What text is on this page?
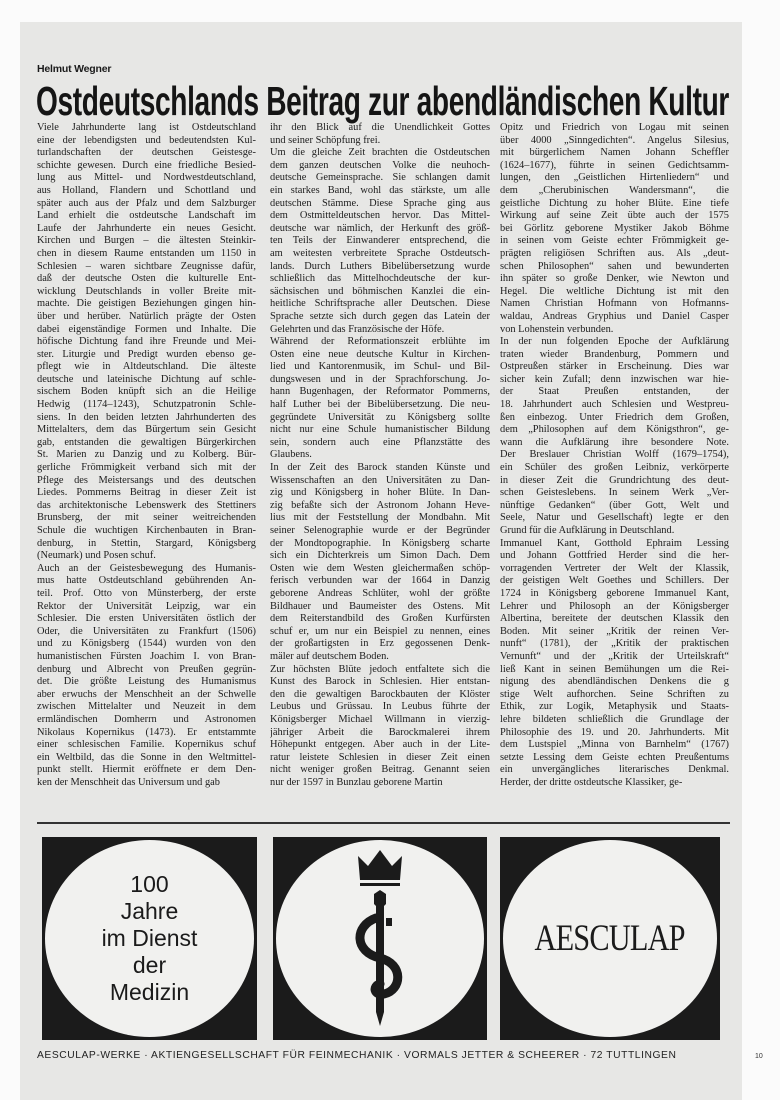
Helmut Wegner
Ostdeutschlands Beitrag zur abendländischen Kultur
Viele Jahrhunderte lang ist Ostdeutschland
eine der lebendigsten und bedeutendsten Kul-
turlandschaften der deutschen Geistesge-
schichte gewesen. Durch eine friedliche Besied-
lung aus Mittel- und Nordwestdeutschland,
aus Holland, Flandern und Schottland und
später auch aus der Pfalz und dem Salzburger
Land erhielt die ostdeutsche Landschaft im
Laufe der Jahrhunderte ein neues Gesicht.
Kirchen und Burgen – die ältesten Steinkir-
chen in diesem Raume entstanden um 1150 in
Schlesien – waren sichtbare Zeugnisse dafür,
daß der deutsche Osten die kulturelle Ent-
wicklung Deutschlands in voller Breite mit-
machte. Die geistigen Beziehungen gingen hin-
über und herüber. Natürlich prägte der Osten
dabei eigenständige Formen und Inhalte. Die
höfische Dichtung fand ihre Freunde und Mei-
ster. Liturgie und Predigt wurden ebenso ge-
pflegt wie in Altdeutschland. Die älteste
deutsche und lateinische Dichtung auf schle-
sischem Boden knüpft sich an die Heilige
Hedwig (1174–1243), Schutzpatronin Schle-
siens. In den beiden letzten Jahrhunderten des
Mittelalters, dem das Bürgertum sein Gesicht
gab, entstanden die gewaltigen Bürgerkirchen
St. Marien zu Danzig und zu Kolberg. Bür-
gerliche Frömmigkeit verband sich mit der
Pflege des Meistersangs und des deutschen
Liedes. Pommerns Beitrag in dieser Zeit ist
das architektonische Lebenswerk des Stettiners
Brunsberg, der mit seiner weitreichenden
Schule die wuchtigen Kirchenbauten in Bran-
denburg, in Stettin, Stargard, Königsberg
(Neumark) und Posen schuf.
Auch an der Geistesbewegung des Humanis-
mus hatte Ostdeutschland gebührenden An-
teil. Prof. Otto von Münsterberg, der erste
Rektor der Universität Leipzig, war ein
Schlesier. Die ersten Universitäten östlich der
Oder, die Universitäten zu Frankfurt (1506)
und zu Königsberg (1544) wurden von den
humanistischen Fürsten Joachim I. von Bran-
denburg und Albrecht von Preußen gegrün-
det. Die größte Leistung des Humanismus
aber erwuchs der Menschheit an der Schwelle
zwischen Mittelalter und Neuzeit in dem
ermländischen Domherrn und Astronomen
Nikolaus Kopernikus (1473). Er entstammte
einer schlesischen Familie. Kopernikus schuf
ein Weltbild, das die Sonne in den Weltmittel-
punkt stellt. Hiermit eröffnete er dem Den-
ken der Menschheit das Universum und gab
ihr den Blick auf die Unendlichkeit Gottes
und seiner Schöpfung frei.
Um die gleiche Zeit brachten die Ostdeutschen
dem ganzen deutschen Volke die neuhoch-
deutsche Gemeinsprache. Sie schlangen damit
ein starkes Band, wohl das stärkste, um alle
deutschen Stämme. Diese Sprache ging aus
dem Ostmitteldeutschen hervor. Das Mittel-
deutsche war nämlich, der Herkunft des größ-
ten Teils der Einwanderer entsprechend, die
am weitesten verbreitete Sprache Ostdeutsch-
lands. Durch Luthers Bibelübersetzung wurde
schließlich das Mittelhochdeutsche der kur-
sächsischen und böhmischen Kanzlei die ein-
heitliche Schriftsprache aller Deutschen. Diese
Sprache setzte sich durch gegen das Latein der
Gelehrten und das Französische der Höfe.
Während der Reformationszeit erblühte im
Osten eine neue deutsche Kultur in Kirchen-
lied und Kantorenmusik, im Schul- und Bil-
dungswesen und in der Sprachforschung. Jo-
hann Bugenhagen, der Reformator Pommerns,
half Luther bei der Bibelübersetzung. Die neu-
gegründete Universität zu Königsberg sollte
nicht nur eine Schule humanistischer Bildung
sein, sondern auch eine Pflanzstätte des
Glaubens.
In der Zeit des Barock standen Künste und
Wissenschaften an den Universitäten zu Dan-
zig und Königsberg in hoher Blüte. In Dan-
zig befaßte sich der Astronom Johann Heve-
lius mit der Feststellung der Mondbahn. Mit
seiner Selenographie wurde er der Begründer
der Mondtopographie. In Königsberg scharte
sich ein Dichterkreis um Simon Dach. Dem
Osten wie dem Westen gleichermaßen schöp-
ferisch verbunden war der 1664 in Danzig
geborene Andreas Schlüter, wohl der größte
Bildhauer und Baumeister des Ostens. Mit
dem Reiterstandbild des Großen Kurfürsten
schuf er, um nur ein Beispiel zu nennen, eines
der großartigsten in Erz gegossenen Denk-
mäler auf deutschem Boden.
Zur höchsten Blüte jedoch entfaltete sich die
Kunst des Barock in Schlesien. Hier entstan-
den die gewaltigen Barockbauten der Klöster
Leubus und Grüssau. In Leubus führte der
Königsberger Michael Willmann in vierzig-
jähriger Arbeit die Barockmalerei ihrem
Höhepunkt entgegen. Aber auch in der Lite-
ratur leistete Schlesien in dieser Zeit einen
nicht weniger großen Beitrag. Genannt seien
nur der 1597 in Bunzlau geborene Martin
Opitz und Friedrich von Logau mit seinen
über 4000 „Sinngedichten“. Angelus Silesius,
mit bürgerlichem Namen Johann Scheffler
(1624–1677), führte in seinen Gedichtsamm-
lungen, den „Geistlichen Hirtenliedern“ und
dem „Cherubinischen Wandersmann“, die
geistliche Dichtung zu hoher Blüte. Eine tiefe
Wirkung auf seine Zeit übte auch der 1575
bei Görlitz geborene Mystiker Jakob Böhme
in seinen vom Geiste echter Frömmigkeit ge-
prägten religiösen Schriften aus. Als „deut-
schen Philosophen“ sahen und bewunderten
ihn später so große Denker, wie Newton und
Hegel. Die weltliche Dichtung ist mit den
Namen Christian Hofmann von Hofmanns-
waldau, Andreas Gryphius und Daniel Casper
von Lohenstein verbunden.
In der nun folgenden Epoche der Aufklärung
traten wieder Brandenburg, Pommern und
Ostpreußen stärker in Erscheinung. Dies war
sicher kein Zufall; denn inzwischen war hie-
der Staat Preußen entstanden, der
18. Jahrhundert auch Schlesien und Westpreu-
ßen einbezog. Unter Friedrich dem Großen,
dem „Philosophen auf dem Königsthron“, ge-
wann die Aufklärung ihre besondere Note.
Der Breslauer Christian Wolff (1679–1754),
ein Schüler des großen Leibniz, verkörperte
in dieser Zeit die Grundrichtung des deut-
schen Geisteslebens. In seinem Werk „Ver-
nünftige Gedanken“ (über Gott, Welt und
Seele, Natur und Gesellschaft) legte er den
Grund für die Aufklärung in Deutschland.
Immanuel Kant, Gotthold Ephraim Lessing
und Johann Gottfried Herder sind die her-
vorragenden Vertreter der Welt der Klassik,
der geistigen Welt Goethes und Schillers. Der
1724 in Königsberg geborene Immanuel Kant,
Lehrer und Philosoph an der Königsberger
Albertina, bereitete der deutschen Klassik den
Boden. Mit seiner „Kritik der reinen Ver-
nunft“ (1781), der „Kritik der praktischen
Vernunft“ und der „Kritik der Urteilskraft“
ließ Kant in seinen Bemühungen um die Rei-
nigung des abendländischen Denkens die g
stige Welt aufhorchen. Seine Schriften zu
Ethik, zur Logik, Metaphysik und Staats-
lehre bildeten schließlich die Grundlage der
Philosophie des 19. und 20. Jahrhunderts. Mit
dem Lustspiel „Minna von Barnhelm“ (1767)
setzte Lessing dem Geiste echten Preußentums
ein unvergängliches literarisches Denkmal.
Herder, der dritte ostdeutsche Klassiker, ge-
100
Jahre
im Dienst
der
Medizin
AESCULAP
AESCULAP-WERKE · AKTIENGESELLSCHAFT FÜR FEINMECHANIK · VORMALS JETTER & SCHEERER · 72 TUTTLINGEN	10
